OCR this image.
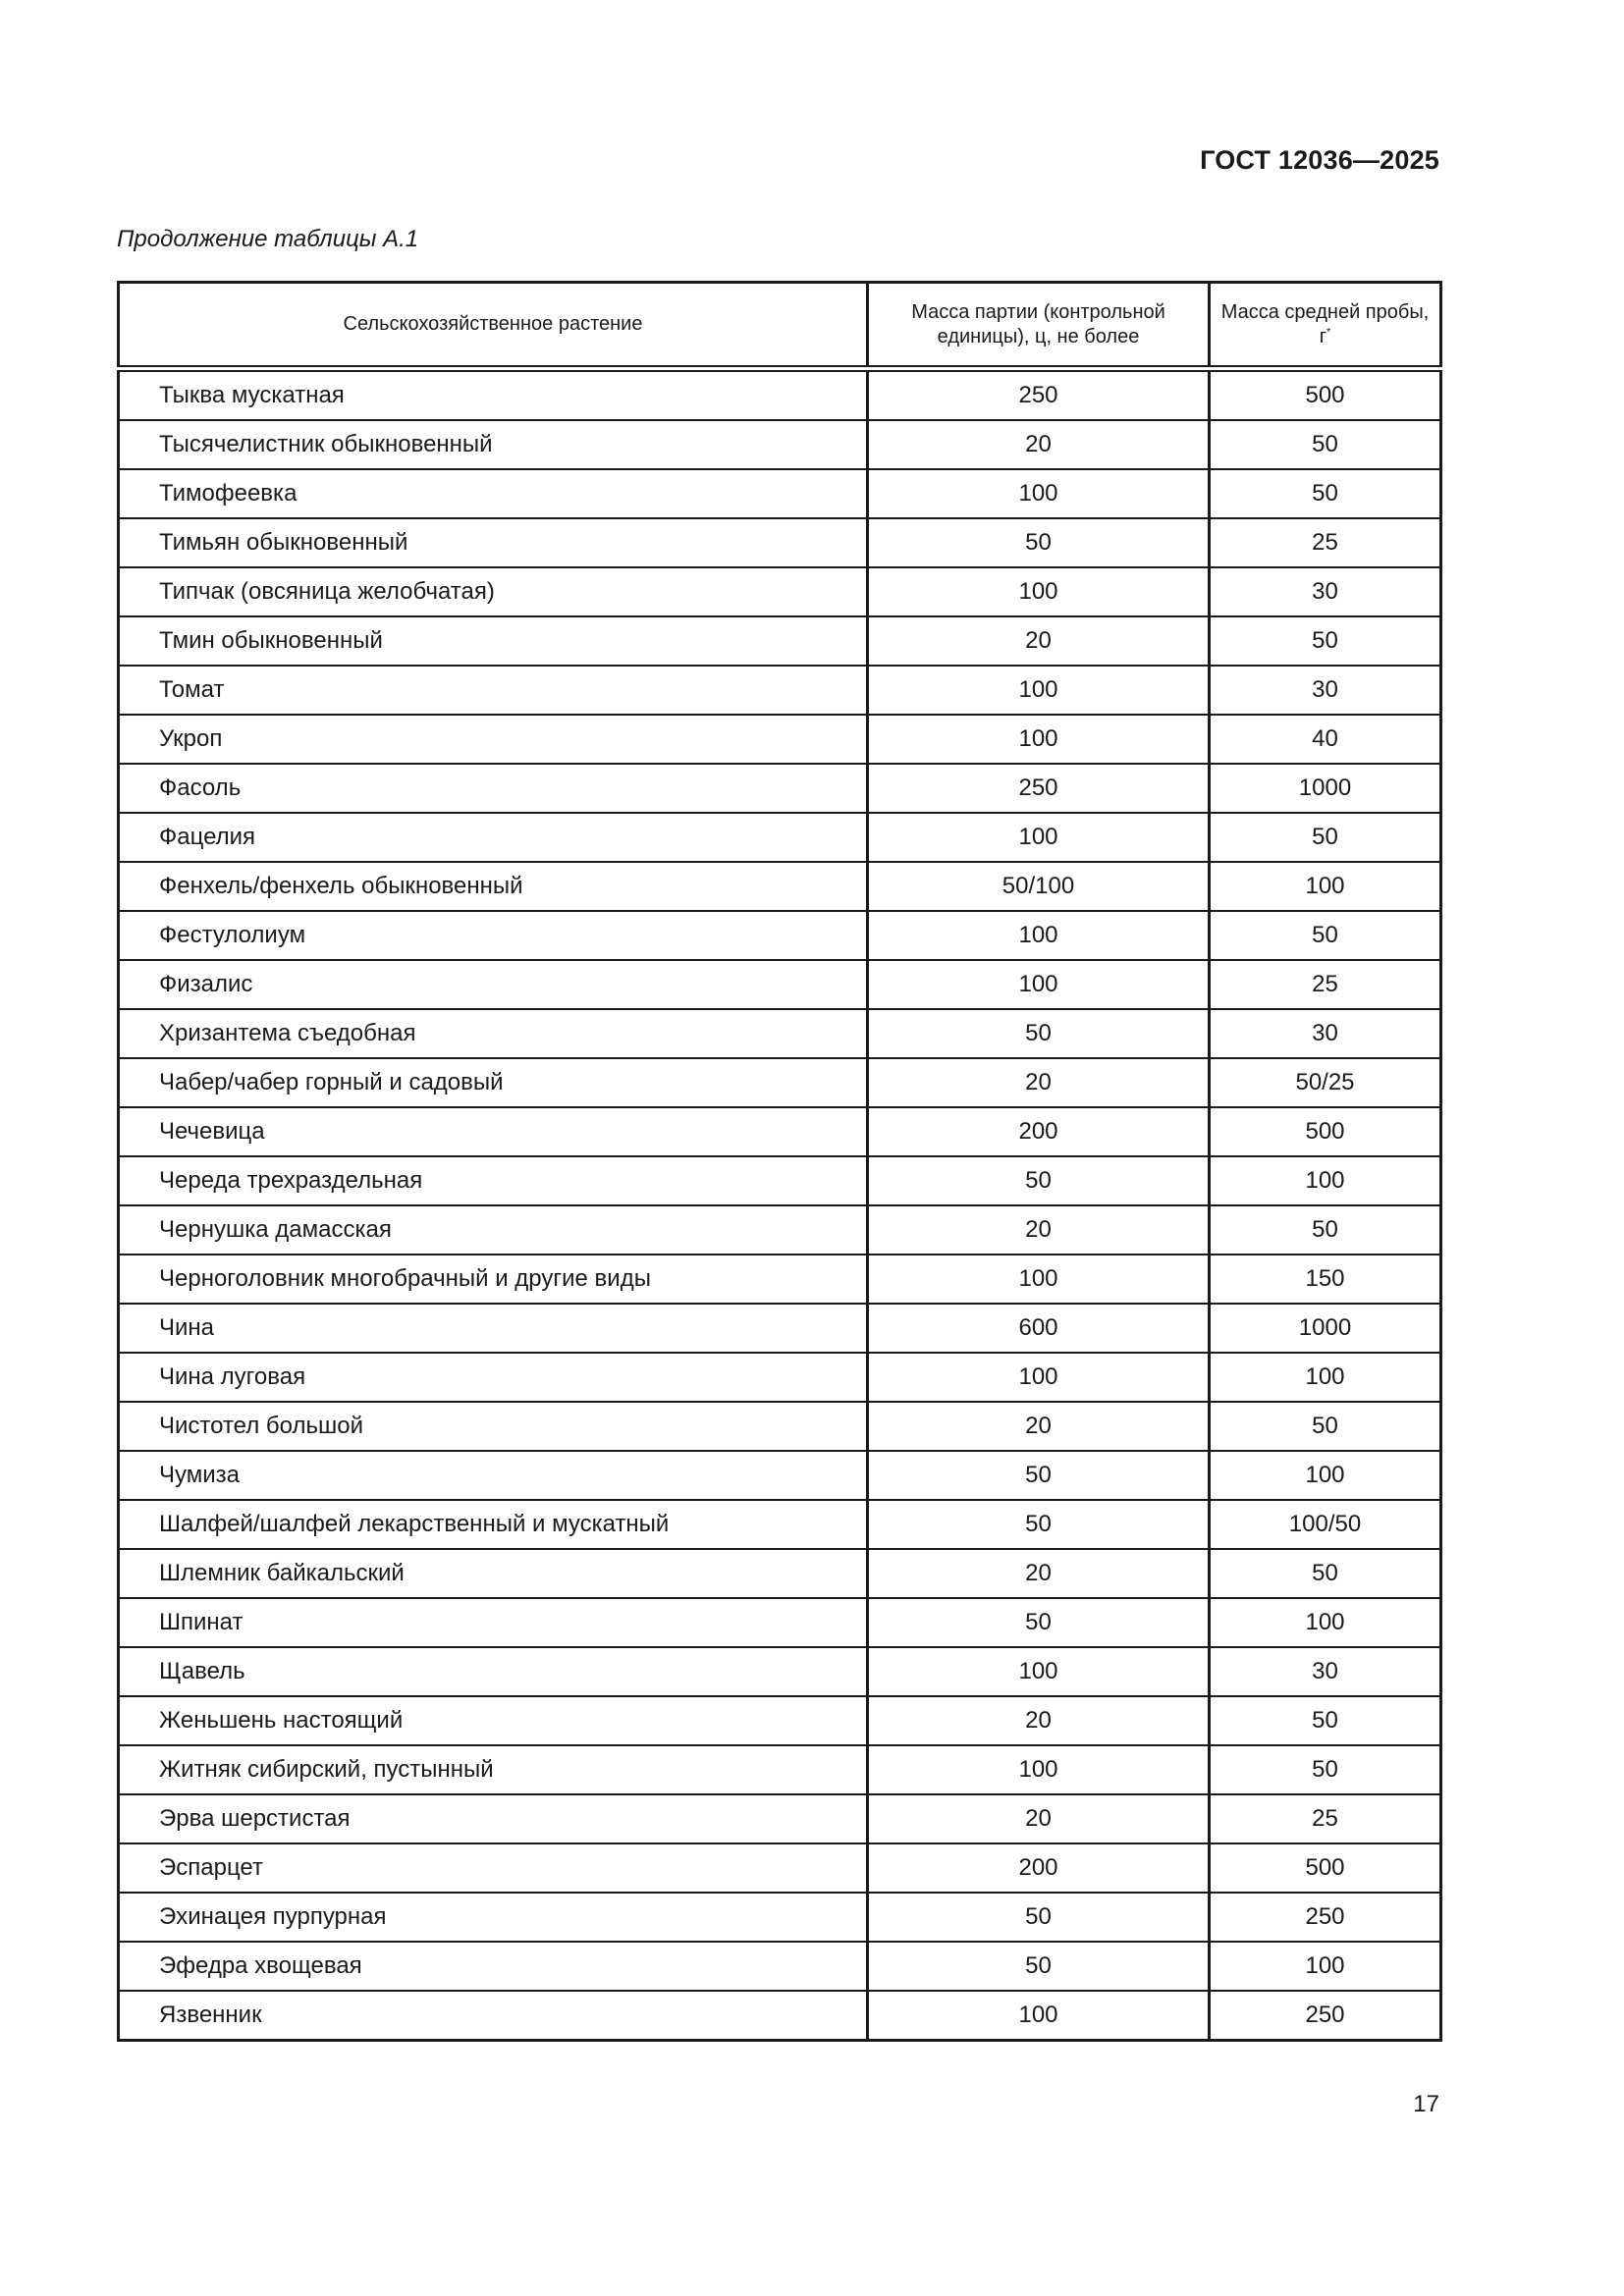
ГОСТ 12036—2025
Продолжение таблицы А.1
Сельскохозяйственное растение	Масса партии (контрольной единицы), ц, не более	Масса средней пробы, г*
Тыква мускатная	250	500
Тысячелистник обыкновенный	20	50
Тимофеевка	100	50
Тимьян обыкновенный	50	25
Типчак (овсяница желобчатая)	100	30
Тмин обыкновенный	20	50
Томат	100	30
Укроп	100	40
Фасоль	250	1000
Фацелия	100	50
Фенхель/фенхель обыкновенный	50/100	100
Фестулолиум	100	50
Физалис	100	25
Хризантема съедобная	50	30
Чабер/чабер горный и садовый	20	50/25
Чечевица	200	500
Череда трехраздельная	50	100
Чернушка дамасская	20	50
Черноголовник многобрачный и другие виды	100	150
Чина	600	1000
Чина луговая	100	100
Чистотел большой	20	50
Чумиза	50	100
Шалфей/шалфей лекарственный и мускатный	50	100/50
Шлемник байкальский	20	50
Шпинат	50	100
Щавель	100	30
Женьшень настоящий	20	50
Житняк сибирский, пустынный	100	50
Эрва шерстистая	20	25
Эспарцет	200	500
Эхинацея пурпурная	50	250
Эфедра хвощевая	50	100
Язвенник	100	250
17
